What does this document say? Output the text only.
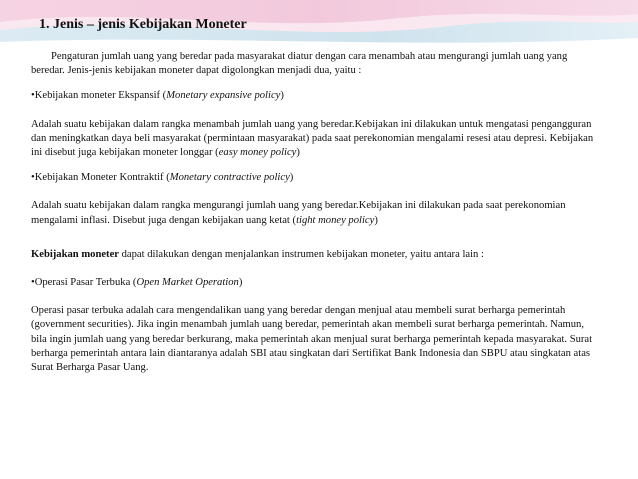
1. Jenis – jenis Kebijakan Moneter

Pengaturan jumlah uang yang beredar pada masyarakat diatur dengan cara menambah atau mengurangi jumlah uang yang beredar. Jenis-jenis kebijakan moneter dapat digolongkan menjadi dua, yaitu :

•Kebijakan moneter Ekspansif (Monetary expansive policy)

Adalah suatu kebijakan dalam rangka menambah jumlah uang yang beredar.Kebijakan ini dilakukan untuk mengatasi pengangguran dan meningkatkan daya beli masyarakat (permintaan masyarakat) pada saat perekonomian mengalami resesi atau depresi. Kebijakan ini disebut juga kebijakan moneter longgar (easy money policy)

•Kebijakan Moneter Kontraktif (Monetary contractive policy)

Adalah suatu kebijakan dalam rangka mengurangi jumlah uang yang beredar.Kebijakan ini dilakukan pada saat perekonomian mengalami inflasi. Disebut juga dengan kebijakan uang ketat (tight money policy)

Kebijakan moneter dapat dilakukan dengan menjalankan instrumen kebijakan moneter, yaitu antara lain :

•Operasi Pasar Terbuka (Open Market Operation)

Operasi pasar terbuka adalah cara mengendalikan uang yang beredar dengan menjual atau membeli surat berharga pemerintah (government securities). Jika ingin menambah jumlah uang beredar, pemerintah akan membeli surat berharga pemerintah. Namun, bila ingin jumlah uang yang beredar berkurang, maka pemerintah akan menjual surat berharga pemerintah kepada masyarakat. Surat berharga pemerintah antara lain diantaranya adalah SBI atau singkatan dari Sertifikat Bank Indonesia dan SBPU atau singkatan atas Surat Berharga Pasar Uang.
